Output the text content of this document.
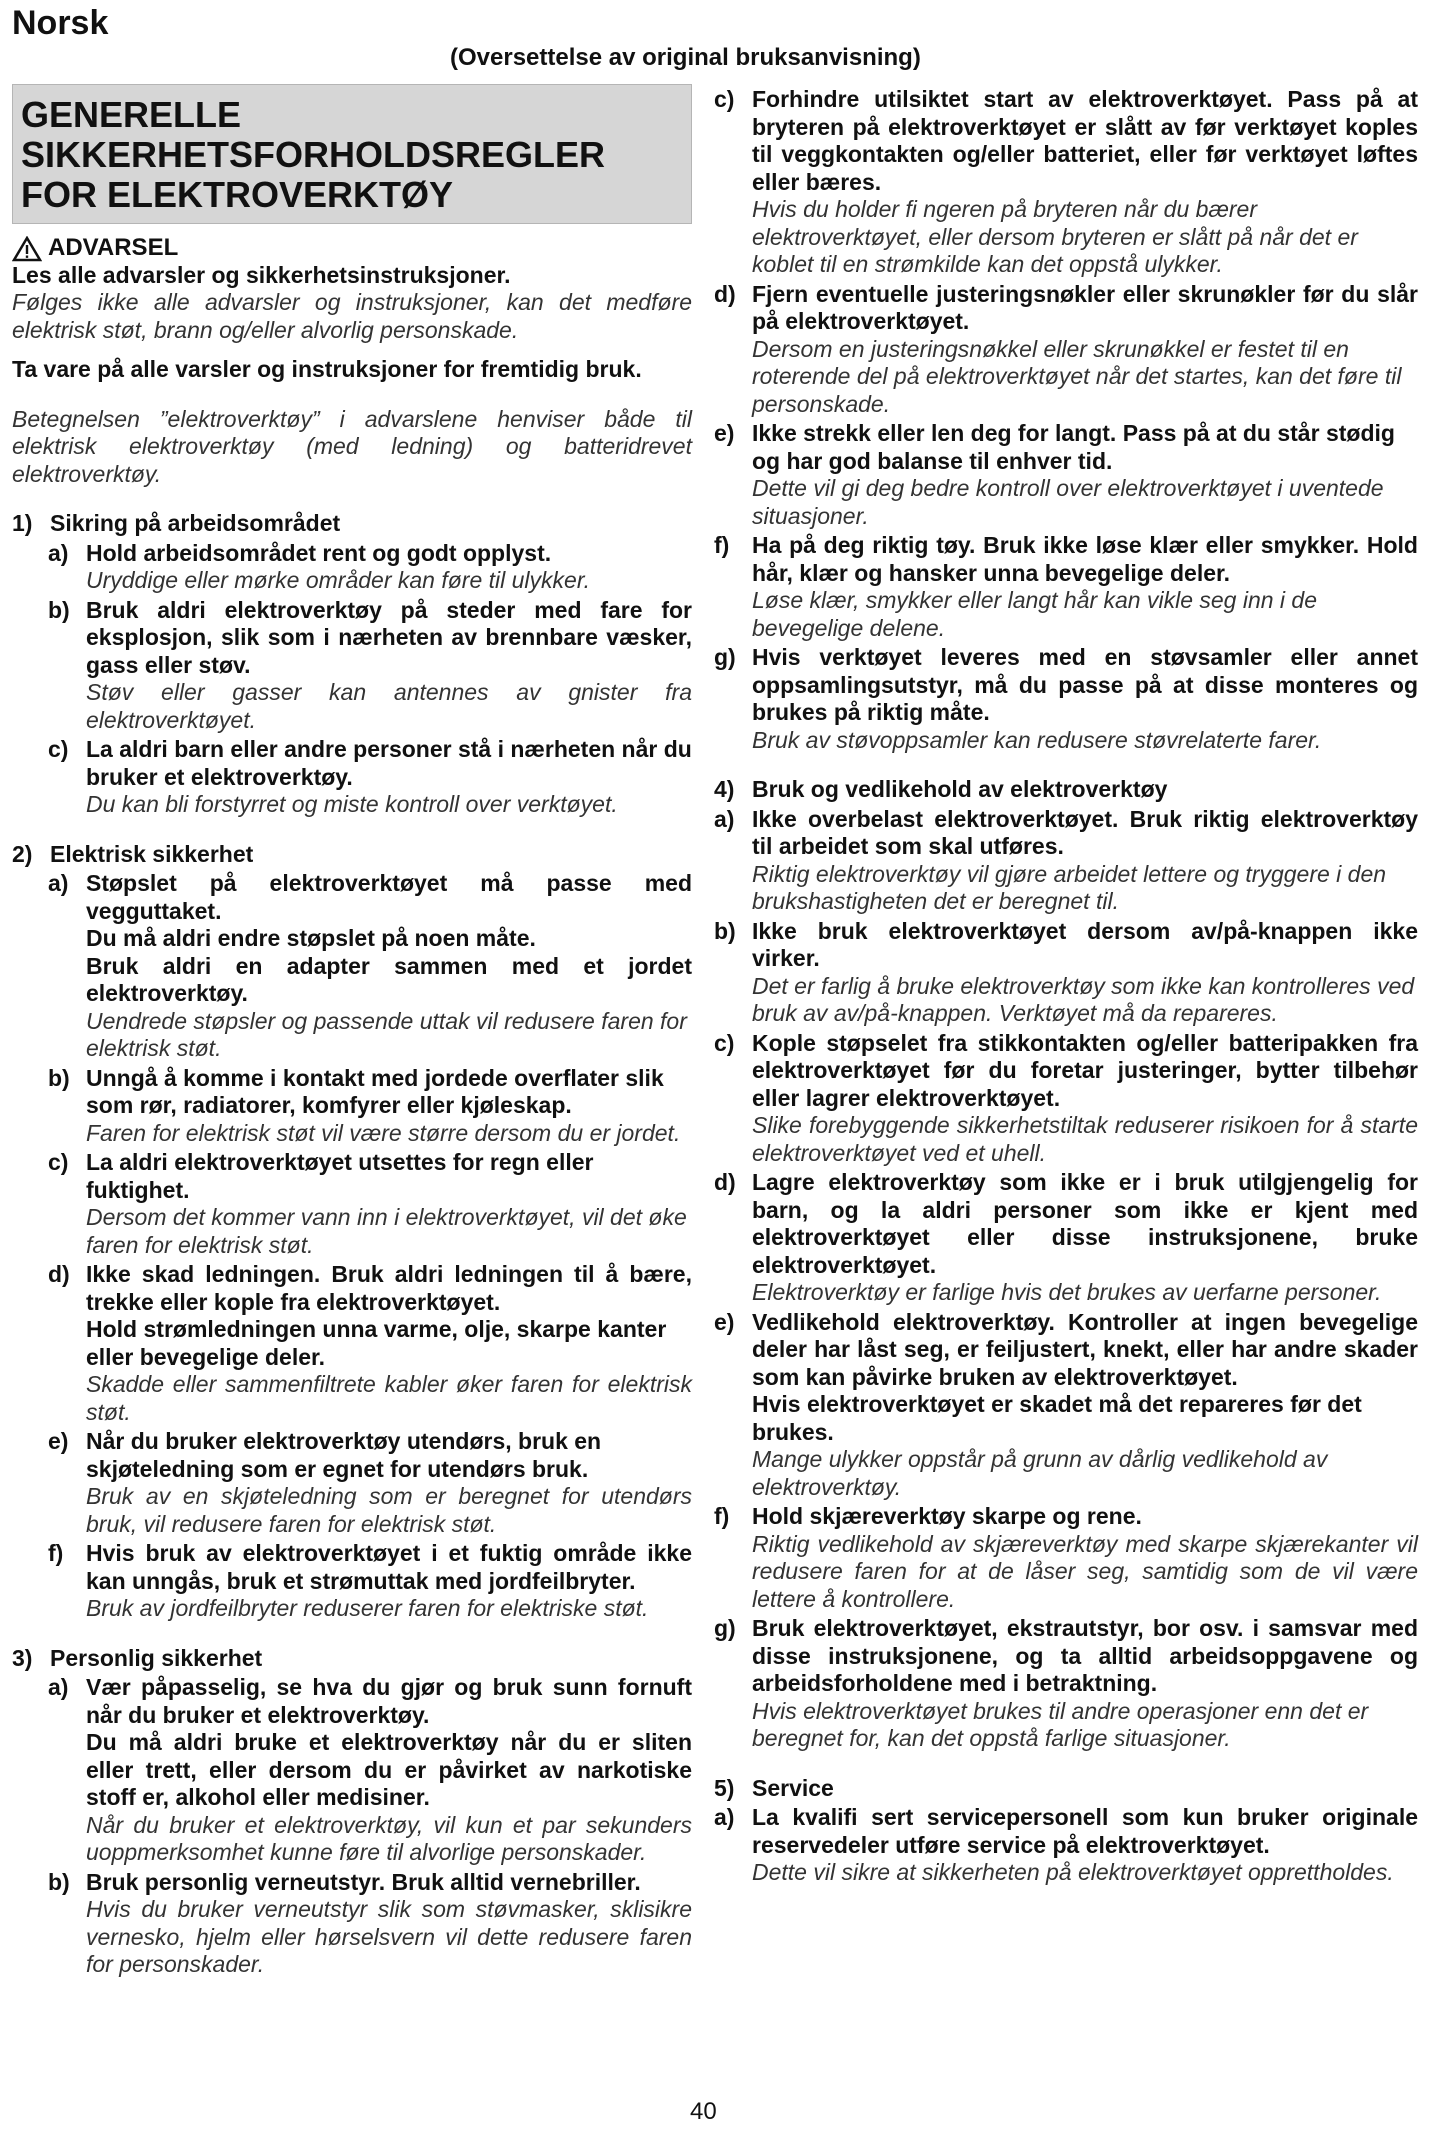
Norsk
(Oversettelse av original bruksanvisning)
GENERELLE
SIKKERHETSFORHOLDSREGLER
FOR ELEKTROVERKTØY
ADVARSEL

Les alle advarsler og sikkerhetsinstruksjoner.

Følges ikke alle advarsler og instruksjoner, kan det medføre elektrisk støt, brann og/eller alvorlig personskade.

Ta vare på alle varsler og instruksjoner for fremtidig bruk.

Betegnelsen ”elektroverktøy” i advarslene henviser både til elektrisk elektroverktøy (med ledning) og batteridrevet elektroverktøy.

1) Sikring på arbeidsområdet
a) Hold arbeidsområdet rent og godt opplyst.

Uryddige eller mørke områder kan føre til ulykker.

b) Bruk aldri elektroverktøy på steder med fare for eksplosjon, slik som i nærheten av brennbare væsker, gass eller støv.

Støv eller gasser kan antennes av gnister fra elektroverktøyet.

c) La aldri barn eller andre personer stå i nærheten når du bruker et elektroverktøy.

Du kan bli forstyrret og miste kontroll over verktøyet.

2) Elektrisk sikkerhet
a) Støpslet på elektroverktøyet må passe med vegguttaket.

Du må aldri endre støpslet på noen måte.

Bruk aldri en adapter sammen med et jordet elektroverktøy.

Uendrede støpsler og passende uttak vil redusere faren for elektrisk støt.

b) Unngå å komme i kontakt med jordede overflater slik som rør, radiatorer, komfyrer eller kjøleskap.

Faren for elektrisk støt vil være større dersom du er jordet.

c) La aldri elektroverktøyet utsettes for regn eller fuktighet.

Dersom det kommer vann inn i elektroverktøyet, vil det øke faren for elektrisk støt.

d) Ikke skad ledningen. Bruk aldri ledningen til å bære, trekke eller kople fra elektroverktøyet.

Hold strømledningen unna varme, olje, skarpe kanter eller bevegelige deler.

Skadde eller sammenfiltrete kabler øker faren for elektrisk støt.

e) Når du bruker elektroverktøy utendørs, bruk en skjøteledning som er egnet for utendørs bruk.

Bruk av en skjøteledning som er beregnet for utendørs bruk, vil redusere faren for elektrisk støt.

f) Hvis bruk av elektroverktøyet i et fuktig område ikke kan unngås, bruk et strømuttak med jordfeilbryter.

Bruk av jordfeilbryter reduserer faren for elektriske støt.

3) Personlig sikkerhet
a) Vær påpasselig, se hva du gjør og bruk sunn fornuft når du bruker et elektroverktøy.

Du må aldri bruke et elektroverktøy når du er sliten eller trett, eller dersom du er påvirket av narkotiske stoff er, alkohol eller medisiner.

Når du bruker et elektroverktøy, vil kun et par sekunders uoppmerksomhet kunne føre til alvorlige personskader.

b) Bruk personlig verneutstyr. Bruk alltid vernebriller.

Hvis du bruker verneutstyr slik som støvmasker, sklisikre vernesko, hjelm eller hørselsvern vil dette redusere faren for personskader.

c) Forhindre utilsiktet start av elektroverktøyet. Pass på at bryteren på elektroverktøyet er slått av før verktøyet koples til veggkontakten og/eller batteriet, eller før verktøyet løftes eller bæres.

Hvis du holder fi ngeren på bryteren når du bærer elektroverktøyet, eller dersom bryteren er slått på når det er koblet til en strømkilde kan det oppstå ulykker.

d) Fjern eventuelle justeringsnøkler eller skrunøkler før du slår på elektroverktøyet.

Dersom en justeringsnøkkel eller skrunøkkel er festet til en roterende del på elektroverktøyet når det startes, kan det føre til personskade.

e) Ikke strekk eller len deg for langt. Pass på at du står stødig og har god balanse til enhver tid.

Dette vil gi deg bedre kontroll over elektroverktøyet i uventede situasjoner.

f) Ha på deg riktig tøy. Bruk ikke løse klær eller smykker. Hold hår, klær og hansker unna bevegelige deler.

Løse klær, smykker eller langt hår kan vikle seg inn i de bevegelige delene.

g) Hvis verktøyet leveres med en støvsamler eller annet oppsamlingsutstyr, må du passe på at disse monteres og brukes på riktig måte.

Bruk av støvoppsamler kan redusere støvrelaterte farer.

4) Bruk og vedlikehold av elektroverktøy
a) Ikke overbelast elektroverktøyet. Bruk riktig elektroverktøy til arbeidet som skal utføres.

Riktig elektroverktøy vil gjøre arbeidet lettere og tryggere i den brukshastigheten det er beregnet til.

b) Ikke bruk elektroverktøyet dersom av/på-knappen ikke virker.

Det er farlig å bruke elektroverktøy som ikke kan kontrolleres ved bruk av av/på-knappen. Verktøyet må da repareres.

c) Kople støpselet fra stikkontakten og/eller batteripakken fra elektroverktøyet før du foretar justeringer, bytter tilbehør eller lagrer elektroverktøyet.

Slike forebyggende sikkerhetstiltak reduserer risikoen for å starte elektroverktøyet ved et uhell.

d) Lagre elektroverktøy som ikke er i bruk utilgjengelig for barn, og la aldri personer som ikke er kjent med elektroverktøyet eller disse instruksjonene, bruke elektroverktøyet.

Elektroverktøy er farlige hvis det brukes av uerfarne personer.

e) Vedlikehold elektroverktøy. Kontroller at ingen bevegelige deler har låst seg, er feiljustert, knekt, eller har andre skader som kan påvirke bruken av elektroverktøyet.

Hvis elektroverktøyet er skadet må det repareres før det brukes.

Mange ulykker oppstår på grunn av dårlig vedlikehold av elektroverktøy.

f) Hold skjæreverktøy skarpe og rene.

Riktig vedlikehold av skjæreverktøy med skarpe skjærekanter vil redusere faren for at de låser seg, samtidig som de vil være lettere å kontrollere.

g) Bruk elektroverktøyet, ekstrautstyr, bor osv. i samsvar med disse instruksjonene, og ta alltid arbeidsoppgavene og arbeidsforholdene med i betraktning.

Hvis elektroverktøyet brukes til andre operasjoner enn det er beregnet for, kan det oppstå farlige situasjoner.

5) Service
a) La kvalifi sert servicepersonell som kun bruker originale reservedeler utføre service på elektroverktøyet.

Dette vil sikre at sikkerheten på elektroverktøyet opprettholdes.

40
